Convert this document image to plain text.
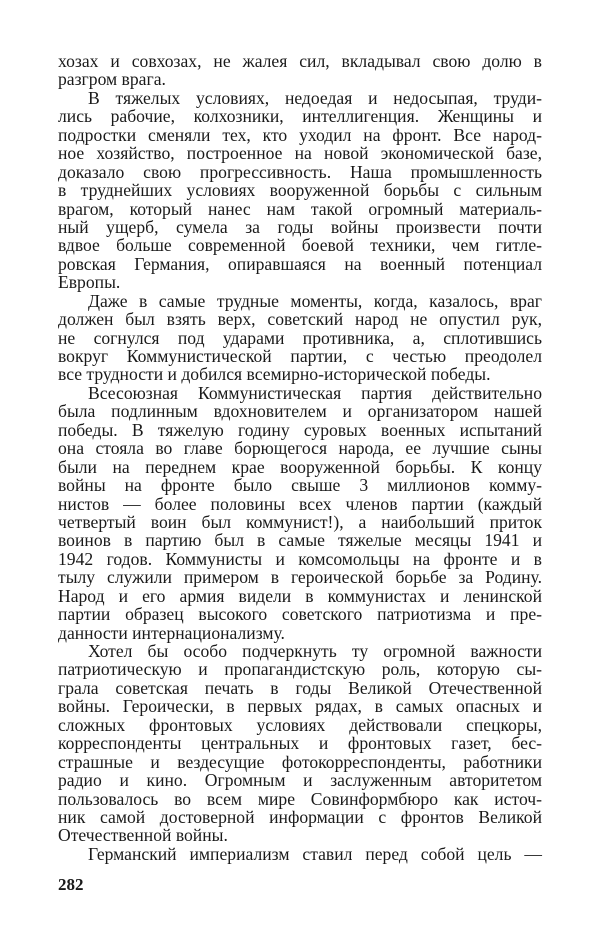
хозах и совхозах, не жалея сил, вкладывал свою долю в
разгром врага.
В тяжелых условиях, недоедая и недосыпая, труди-
лись рабочие, колхозники, интеллигенция. Женщины и
подростки сменяли тех, кто уходил на фронт. Все народ-
ное хозяйство, построенное на новой экономической базе,
доказало свою прогрессивность. Наша промышленность
в труднейших условиях вооруженной борьбы с сильным
врагом, который нанес нам такой огромный материаль-
ный ущерб, сумела за годы войны произвести почти
вдвое больше современной боевой техники, чем гитле-
ровская Германия, опиравшаяся на военный потенциал
Европы.
Даже в самые трудные моменты, когда, казалось, враг
должен был взять верх, советский народ не опустил рук,
не согнулся под ударами противника, а, сплотившись
вокруг Коммунистической партии, с честью преодолел
все трудности и добился всемирно-исторической победы.
Всесоюзная Коммунистическая партия действительно
была подлинным вдохновителем и организатором нашей
победы. В тяжелую годину суровых военных испытаний
она стояла во главе борющегося народа, ее лучшие сыны
были на переднем крае вооруженной борьбы. К концу
войны на фронте было свыше 3 миллионов комму-
нистов — более половины всех членов партии (каждый
четвертый воин был коммунист!), а наибольший приток
воинов в партию был в самые тяжелые месяцы 1941 и
1942 годов. Коммунисты и комсомольцы на фронте и в
тылу служили примером в героической борьбе за Родину.
Народ и его армия видели в коммунистах и ленинской
партии образец высокого советского патриотизма и пре-
данности интернационализму.
Хотел бы особо подчеркнуть ту огромной важности
патриотическую и пропагандистскую роль, которую сы-
грала советская печать в годы Великой Отечественной
войны. Героически, в первых рядах, в самых опасных и
сложных фронтовых условиях действовали спецкоры,
корреспонденты центральных и фронтовых газет, бес-
страшные и вездесущие фотокорреспонденты, работники
радио и кино. Огромным и заслуженным авторитетом
пользовалось во всем мире Совинформбюро как источ-
ник самой достоверной информации с фронтов Великой
Отечественной войны.
Германский империализм ставил перед собой цель —
282
